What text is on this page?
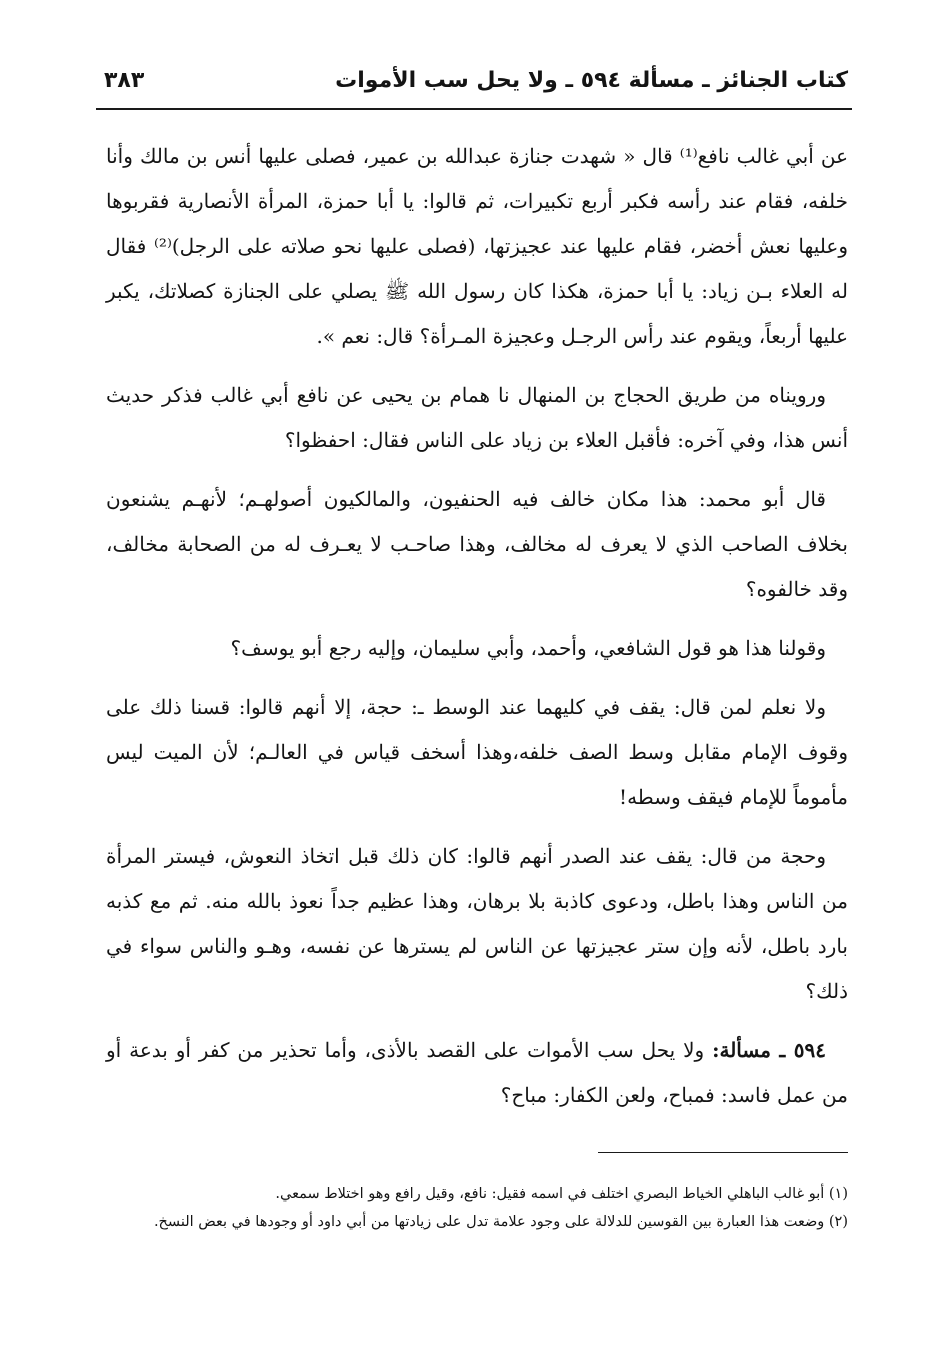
كتاب الجنائز ـ مسألة ٥٩٤ ـ ولا يحل سب الأموات
٣٨٣

عن أبي غالب نافع⁽¹⁾ قال « شهدت جنازة عبدالله بن عمير، فصلى عليها أنس بن مالك وأنا خلفه، فقام عند رأسه فكبر أربع تكبيرات، ثم قالوا: يا أبا حمزة، المرأة الأنصارية فقربوها وعليها نعش أخضر، فقام عليها عند عجيزتها، (فصلى عليها نحو صلاته على الرجل)⁽²⁾ فقال له العلاء بـن زياد: يا أبا حمزة، هكذا كان رسول الله ﷺ يصلي على الجنازة كصلاتك، يكبر عليها أربعاً، ويقوم عند رأس الرجـل وعجيزة المـرأة؟ قال: نعم ».

ورويناه من طريق الحجاج بن المنهال نا همام بن يحيى عن نافع أبي غالب فذكر حديث أنس هذا، وفي آخره: فأقبل العلاء بن زياد على الناس فقال: احفظوا؟

قال أبو محمد: هذا مكان خالف فيه الحنفيون، والمالكيون أصولهـم؛ لأنهـم يشنعون بخلاف الصاحب الذي لا يعرف له مخالف، وهذا صاحـب لا يعـرف له من الصحابة مخالف، وقد خالفوه؟

وقولنا هذا هو قول الشافعي، وأحمد، وأبي سليمان، وإليه رجع أبو يوسف؟

ولا نعلم لمن قال: يقف في كليهما عند الوسط ـ: حجة، إلا أنهم قالوا: قسنا ذلك على وقوف الإمام مقابل وسط الصف خلفه،وهذا أسخف قياس في العالـم؛ لأن الميت ليس مأموماً للإمام فيقف وسطه!

وحجة من قال: يقف عند الصدر أنهم قالوا: كان ذلك قبل اتخاذ النعوش، فيستر المرأة من الناس وهذا باطل، ودعوى كاذبة بلا برهان، وهذا عظيم جداً نعوذ بالله منه. ثم مع كذبه بارد باطل، لأنه وإن ستر عجيزتها عن الناس لم يسترها عن نفسه، وهـو والناس سواء في ذلك؟

٥٩٤ ـ مسألة: ولا يحل سب الأموات على القصد بالأذى، وأما تحذير من كفر أو بدعة أو من عمل فاسد: فمباح، ولعن الكفار: مباح؟

(١) أبو غالب الباهلي الخياط البصري اختلف في اسمه فقيل: نافع، وقيل رافع وهو اختلاط سمعي.

(٢) وضعت هذا العبارة بين القوسين للدلالة على وجود علامة تدل على زيادتها من أبي داود أو وجودها في بعض النسخ.
